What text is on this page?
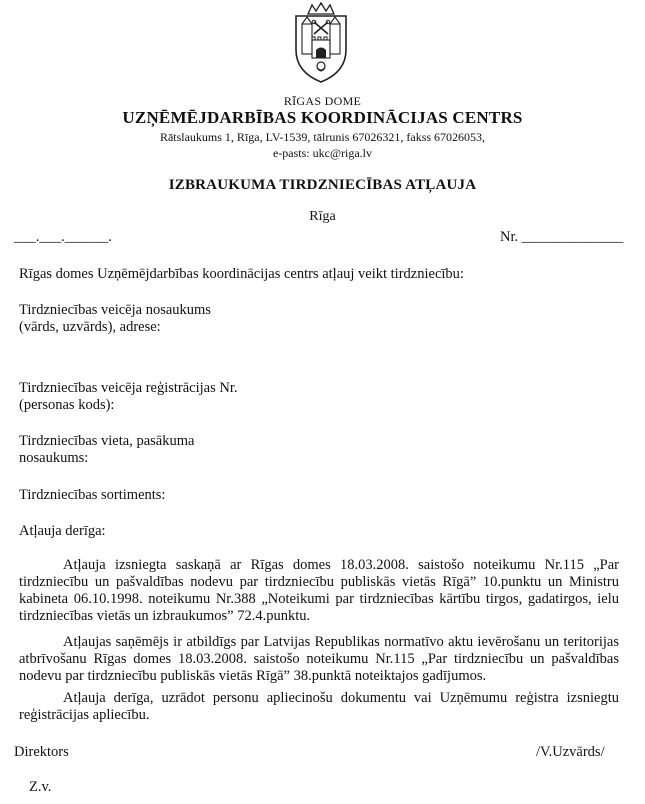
RĪGAS DOME
UZŅĒMĒJDARBĪBAS KOORDINĀCIJAS CENTRS
Rātslaukums 1, Rīga, LV-1539, tālrunis 67026321, fakss 67026053,
e-pasts: ukc@riga.lv
IZBRAUKUMA TIRDZNIECĪBAS ATĻAUJA
Rīga
___.___.______.	Nr. ______________
Rīgas domes Uzņēmējdarbības koordinācijas centrs atļauj veikt tirdzniecību:
Tirdzniecības veicēja nosaukums
(vārds, uzvārds), adrese:
Tirdzniecības veicēja reģistrācijas Nr.
(personas kods):
Tirdzniecības vieta, pasākuma
nosaukums:
Tirdzniecības sortiments:
Atļauja derīga:

Atļauja izsniegta saskaņā ar Rīgas domes 18.03.2008. saistošo noteikumu Nr.115 „Par tirdzniecību un pašvaldības nodevu par tirdzniecību publiskās vietās Rīgā” 10.punktu un Ministru kabineta 06.10.1998. noteikumu Nr.388 „Noteikumi par tirdzniecības kārtību tirgos, gadatirgos, ielu tirdzniecības vietās un izbraukumos” 72.4.punktu.

Atļaujas saņēmējs ir atbildīgs par Latvijas Republikas normatīvo aktu ievērošanu un teritorijas atbrīvošanu Rīgas domes 18.03.2008. saistošo noteikumu Nr.115 „Par tirdzniecību un pašvaldības nodevu par tirdzniecību publiskās vietās Rīgā” 38.punktā noteiktajos gadījumos.

Atļauja derīga, uzrādot personu apliecinošu dokumentu vai Uzņēmumu reģistra izsniegtu reģistrācijas apliecību.

Direktors	/V.Uzvārds/
Z.v.
